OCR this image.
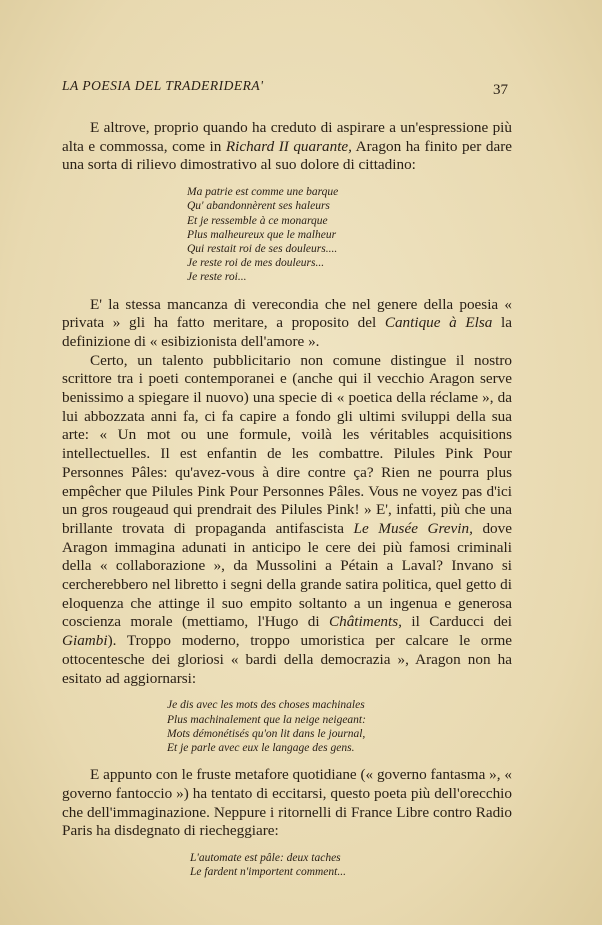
LA POESIA DEL TRADERIDERA'	37

E altrove, proprio quando ha creduto di aspirare a un'espressione più alta e commossa, come in Richard II quarante, Aragon ha finito per dare una sorta di rilievo dimostrativo al suo dolore di cittadino:

Ma patrie est comme une barque
Qu' abandonnèrent ses haleurs
Et je ressemble à ce monarque
Plus malheureux que le malheur
Qui restait roi de ses douleurs....
Je reste roi de mes douleurs...
Je reste roi...

E' la stessa mancanza di verecondia che nel genere della poesia « privata » gli ha fatto meritare, a proposito del Cantique à Elsa la definizione di « esibizionista dell'amore ».

Certo, un talento pubblicitario non comune distingue il nostro scrittore tra i poeti contemporanei e (anche qui il vecchio Aragon serve benissimo a spiegare il nuovo) una specie di « poetica della réclame », da lui abbozzata anni fa, ci fa capire a fondo gli ultimi sviluppi della sua arte: « Un mot ou une formule, voilà les véritables acquisitions intellectuelles. Il est enfantin de les combattre. Pilules Pink Pour Personnes Pâles: qu'avez-vous à dire contre ça? Rien ne pourra plus empêcher que Pilules Pink Pour Personnes Pâles. Vous ne voyez pas d'ici un gros rougeaud qui prendrait des Pilules Pink! » E', infatti, più che una brillante trovata di propaganda antifascista Le Musée Grevin, dove Aragon immagina adunati in anticipo le cere dei più famosi criminali della « collaborazione », da Mussolini a Pétain a Laval? Invano si cercherebbero nel libretto i segni della grande satira politica, quel getto di eloquenza che attinge il suo empito soltanto a un ingenua e generosa coscienza morale (mettiamo, l'Hugo di Châtiments, il Carducci dei Giambi). Troppo moderno, troppo umoristica per calcare le orme ottocentesche dei gloriosi « bardi della democrazia », Aragon non ha esitato ad aggiornarsi:

Je dis avec les mots des choses machinales
Plus machinalement que la neige neigeant:
Mots démonétisés qu'on lit dans le journal,
Et je parle avec eux le langage des gens.

E appunto con le fruste metafore quotidiane (« governo fantasma », « governo fantoccio ») ha tentato di eccitarsi, questo poeta più dell'orecchio che dell'immaginazione. Neppure i ritornelli di France Libre contro Radio Paris ha disdegnato di riecheggiare:

L'automate est pâle: deux taches
Le fardent n'importent comment...
